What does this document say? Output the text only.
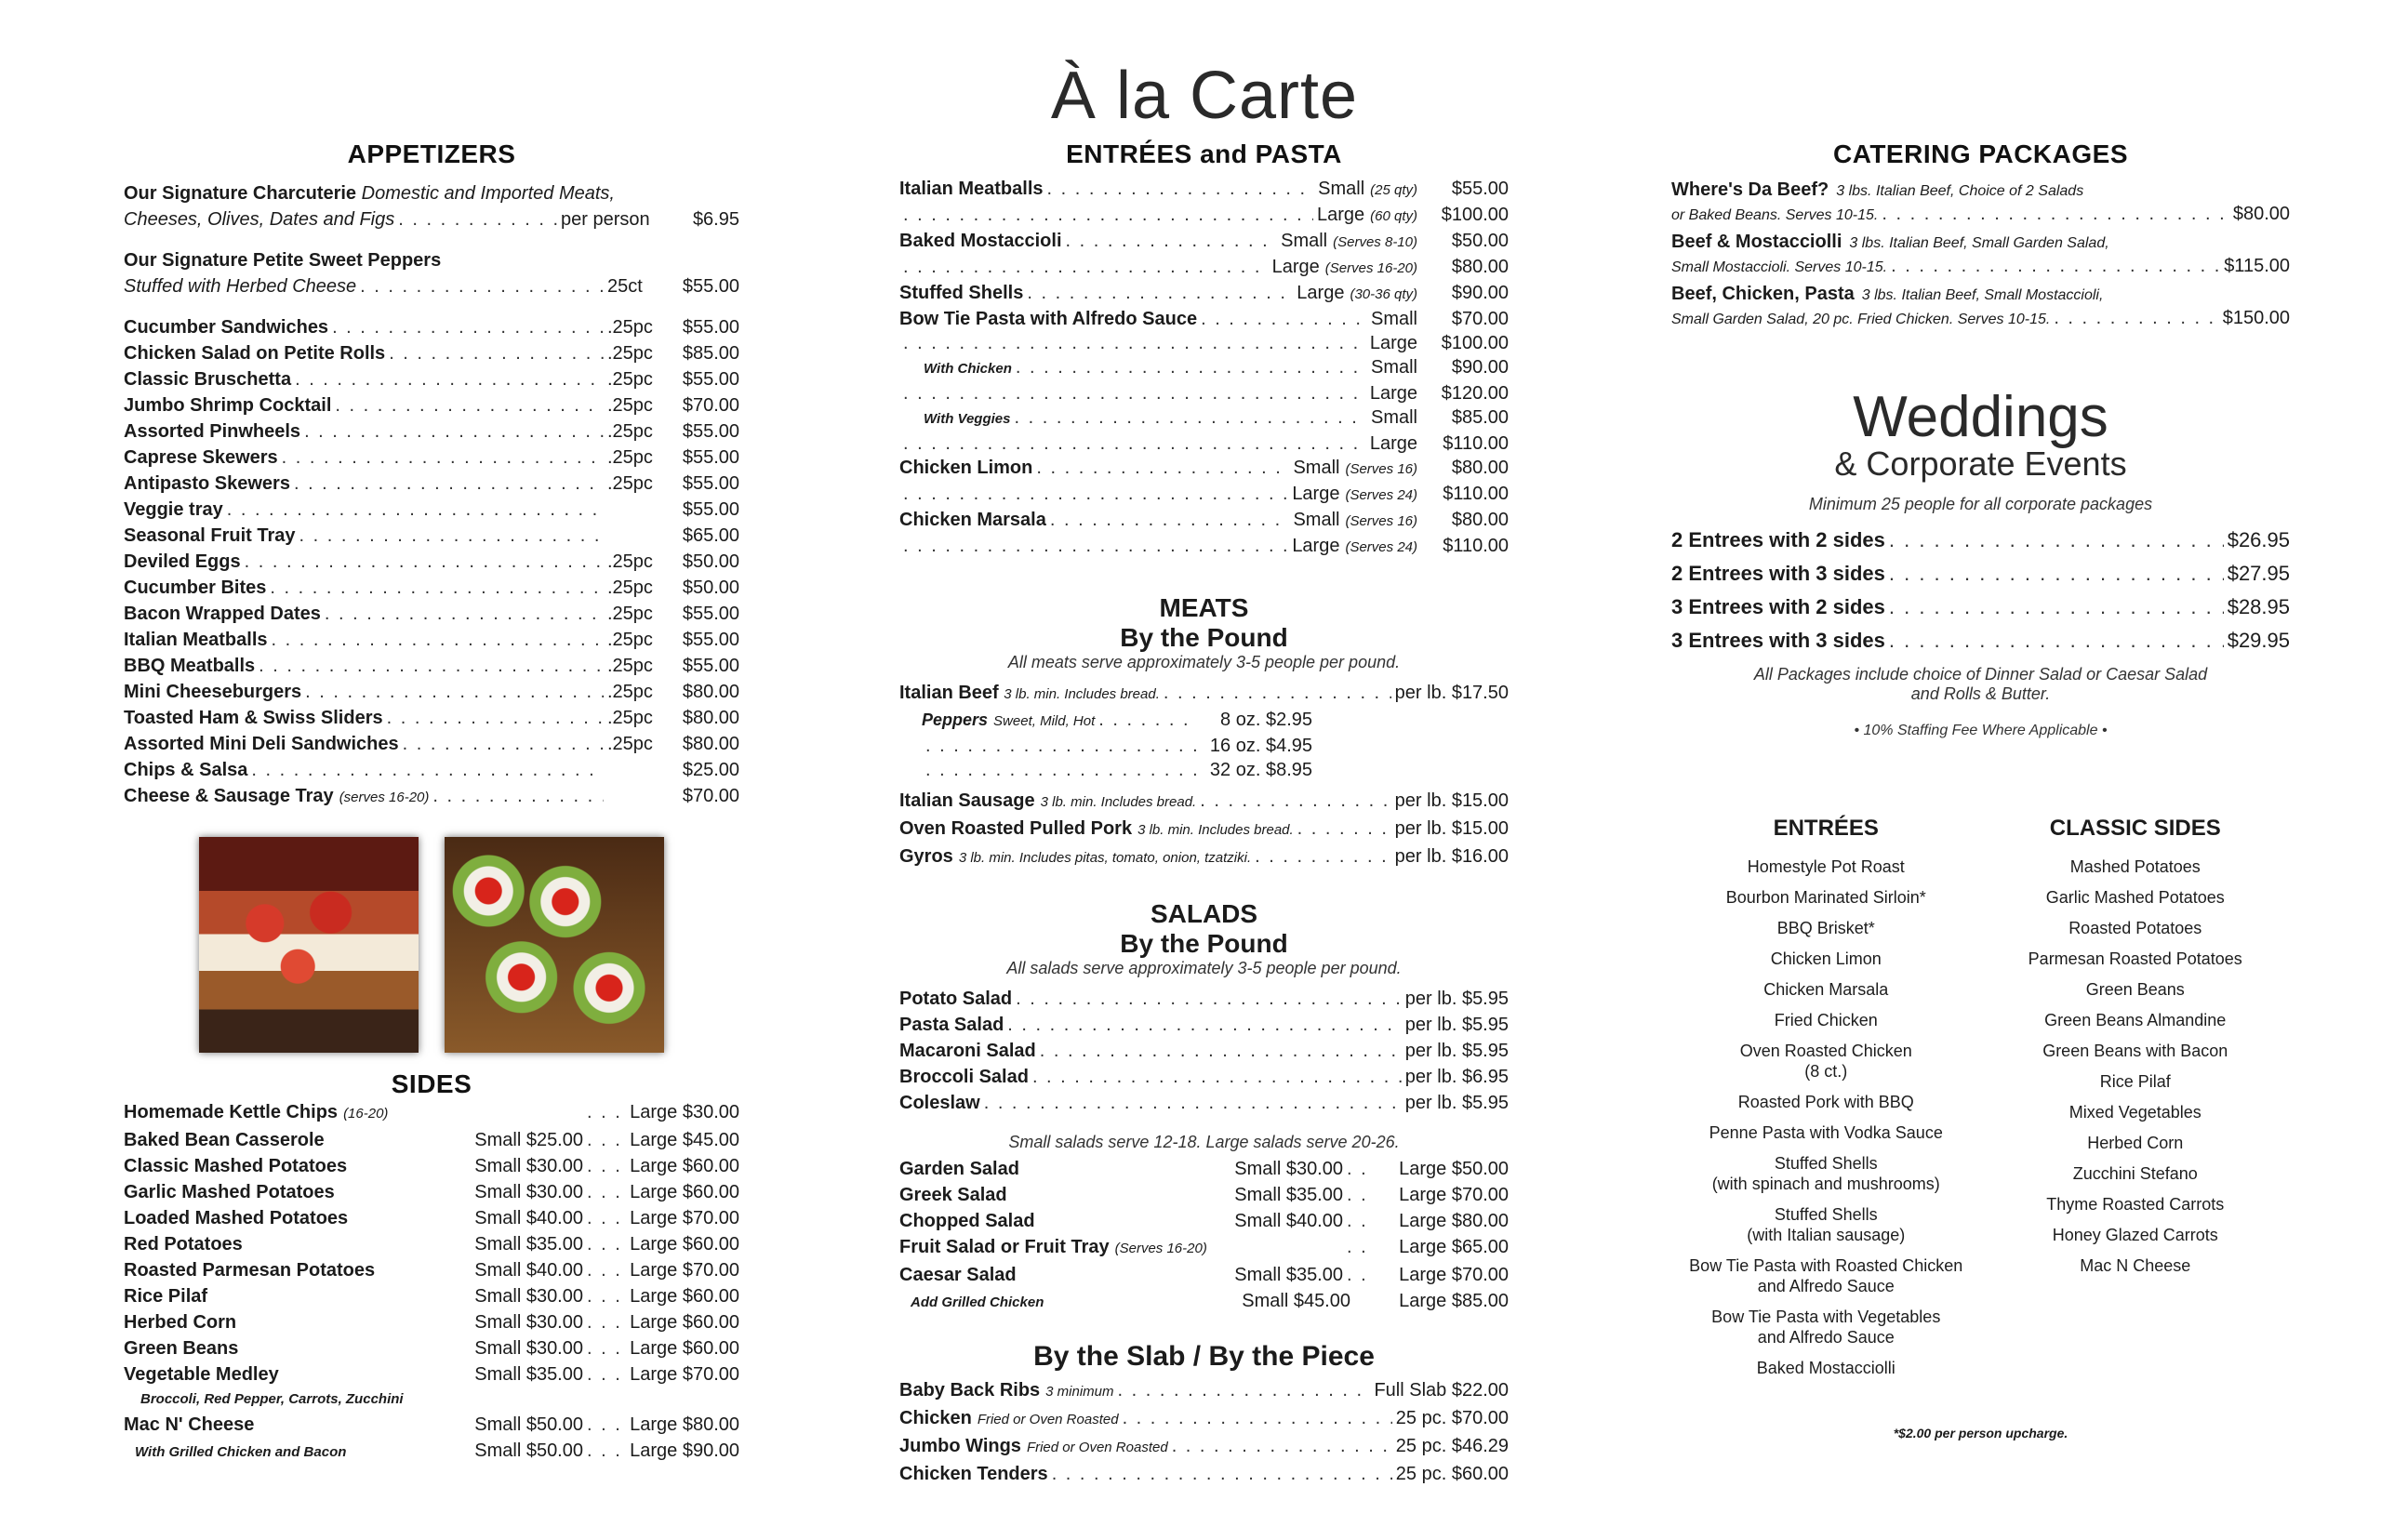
À la Carte
APPETIZERS
Our Signature Charcuterie
Domestic and Imported Meats,
Cheeses, Olives, Dates and Figs . . .	per person	$6.95
Our Signature Petite Sweet Peppers
Stuffed with Herbed Cheese . . .	25ct	$55.00
Cucumber Sandwiches . . .	.25pc	$55.00
Chicken Salad on Petite Rolls . . .	.25pc	$85.00
Classic Bruschetta . . .	.25pc	$55.00
Jumbo Shrimp Cocktail . . .	.25pc	$70.00
Assorted Pinwheels . . .	.25pc	$55.00
Caprese Skewers . . .	.25pc	$55.00
Antipasto Skewers . . .	.25pc	$55.00
Veggie tray . . .	$55.00
Seasonal Fruit Tray . . .	$65.00
Deviled Eggs . . .	.25pc	$50.00
Cucumber Bites . . .	.25pc	$50.00
Bacon Wrapped Dates . . .	.25pc	$55.00
Italian Meatballs . . .	.25pc	$55.00
BBQ Meatballs . . .	.25pc	$55.00
Mini Cheeseburgers . . .	.25pc	$80.00
Toasted Ham & Swiss Sliders . . .	.25pc	$80.00
Assorted Mini Deli Sandwiches . . .	.25pc	$80.00
Chips & Salsa . . .	$25.00
Cheese & Sausage Tray (serves 16-20) . . .	$70.00
SIDES
Homemade Kettle Chips (16-20) . . .	Large $30.00
Baked Bean Casserole	Small $25.00 . . .	Large $45.00
Classic Mashed Potatoes	Small $30.00 . . .	Large $60.00
Garlic Mashed Potatoes	Small $30.00 . . .	Large $60.00
Loaded Mashed Potatoes	Small $40.00 . . .	Large $70.00
Red Potatoes	Small $35.00 . . .	Large $60.00
Roasted Parmesan Potatoes	Small $40.00 . . .	Large $70.00
Rice Pilaf	Small $30.00 . . .	Large $60.00
Herbed Corn	Small $30.00 . . .	Large $60.00
Green Beans	Small $30.00 . . .	Large $60.00
Vegetable Medley	Small $35.00 . . .	Large $70.00
Broccoli, Red Pepper, Carrots, Zucchini
Mac N' Cheese	Small $50.00 . . .	Large $80.00
With Grilled Chicken and Bacon	Small $50.00 . . .	Large $90.00
ENTRÉES and PASTA
Italian Meatballs . . .	Small (25 qty)	$55.00
. . .
Large (60 qty)	$100.00
Baked Mostaccioli . . .	Small (Serves 8-10)	$50.00
. . .
Large (Serves 16-20)	$80.00
Stuffed Shells . . .	Large (30-36 qty)	$90.00
Bow Tie Pasta with Alfredo Sauce . . .	Small	$70.00
. . .
Large	$100.00
With Chicken . . .	Small	$90.00
. . .
Large	$120.00
With Veggies . . .	Small	$85.00
. . .
Large	$110.00
Chicken Limon . . .	Small (Serves 16)	$80.00
. . .
Large (Serves 24)	$110.00
Chicken Marsala . . .	Small (Serves 16)	$80.00
. . .
Large (Serves 24)	$110.00
MEATS
By the Pound
All meats serve approximately 3-5 people per pound.
Italian Beef
3 lb. min. Includes bread. . . .	per lb. $17.50
Peppers Sweet, Mild, Hot . . .	8 oz. $2.95
. . .
16 oz. $4.95
. . .
32 oz. $8.95
Italian Sausage 3 lb. min. Includes bread. . . .	per lb. $15.00
Oven Roasted Pulled Pork 3 lb. min. Includes bread. . . .	per lb. $15.00
Gyros 3 lb. min. Includes pitas, tomato, onion, tzatziki. . . .	per lb. $16.00
SALADS
By the Pound
All salads serve approximately 3-5 people per pound.
Potato Salad . . .	per lb. $5.95
Pasta Salad . . .	per lb. $5.95
Macaroni Salad . . .	per lb. $5.95
Broccoli Salad . . .	per lb. $6.95
Coleslaw . . .	per lb. $5.95
Small salads serve 12-18. Large salads serve 20-26.
Garden Salad	Small $30.00 . . .	Large $50.00
Greek Salad	Small $35.00 . . .	Large $70.00
Chopped Salad	Small $40.00 . . .	Large $80.00
Fruit Salad or Fruit Tray (Serves 16-20) . . .	Large $65.00
Caesar Salad	Small $35.00 . . .	Large $70.00
Add Grilled Chicken	Small $45.00	Large $85.00
By the Slab / By the Piece
Baby Back Ribs 3 minimum . . .	Full Slab $22.00
Chicken Fried or Oven Roasted . . .	25 pc. $70.00
Jumbo Wings Fried or Oven Roasted . . .	25 pc. $46.29
Chicken Tenders . . .	25 pc. $60.00
CATERING PACKAGES
Where's Da Beef? 3 lbs. Italian Beef, Choice of 2 Salads
or Baked Beans. Serves 10-15. . . .	$80.00
Beef & Mostacciolli 3 lbs. Italian Beef, Small Garden Salad,
Small Mostaccioli. Serves 10-15. . . .	$115.00
Beef, Chicken, Pasta 3 lbs. Italian Beef, Small Mostaccioli,
Small Garden Salad, 20 pc. Fried Chicken. Serves 10-15. . . .	$150.00
Weddings
& Corporate Events
Minimum 25 people for all corporate packages
2 Entrees with 2 sides . . .	$26.95
2 Entrees with 3 sides . . .	$27.95
3 Entrees with 2 sides . . .	$28.95
3 Entrees with 3 sides . . .	$29.95
All Packages include choice of Dinner Salad or Caesar Salad
and Rolls & Butter.
• 10% Staffing Fee Where Applicable •
ENTRÉES
Homestyle Pot Roast
Bourbon Marinated Sirloin*
BBQ Brisket*
Chicken Limon
Chicken Marsala
Fried Chicken
Oven Roasted Chicken
(8 ct.)
Roasted Pork with BBQ
Penne Pasta with Vodka Sauce
Stuffed Shells
(with spinach and mushrooms)
Stuffed Shells
(with Italian sausage)
Bow Tie Pasta with Roasted Chicken
and Alfredo Sauce
Bow Tie Pasta with Vegetables
and Alfredo Sauce
Baked Mostacciolli
CLASSIC SIDES
Mashed Potatoes
Garlic Mashed Potatoes
Roasted Potatoes
Parmesan Roasted Potatoes
Green Beans
Green Beans Almandine
Green Beans with Bacon
Rice Pilaf
Mixed Vegetables
Herbed Corn
Zucchini Stefano
Thyme Roasted Carrots
Honey Glazed Carrots
Mac N Cheese
*$2.00 per person upcharge.
